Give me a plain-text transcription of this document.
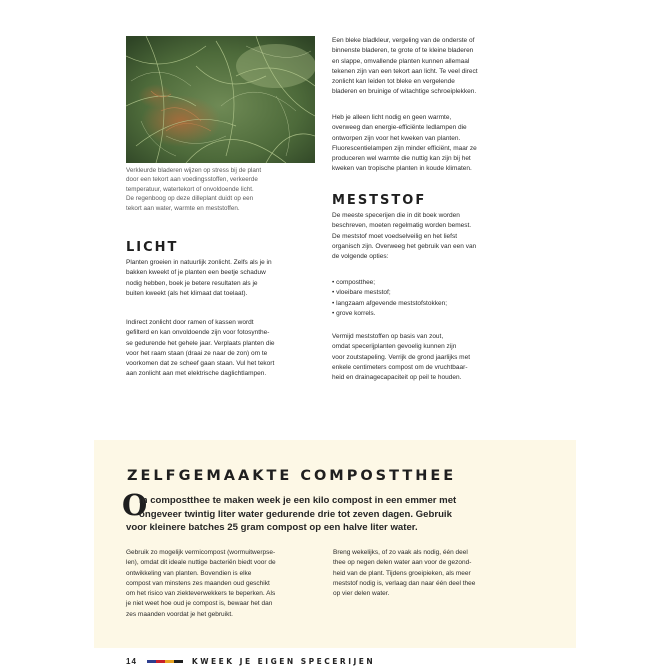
Verkleurde bladeren wijzen op stress bij de plant
door een tekort aan voedingsstoffen, verkeerde
temperatuur, watertekort of onvoldoende licht.
De regenboog op deze dilleplant duidt op een
tekort aan water, warmte en meststoffen.
LICHT
Planten groeien in natuurlijk zonlicht. Zelfs als je in
bakken kweekt of je planten een beetje schaduw
nodig hebben, boek je betere resultaten als je
buiten kweekt (als het klimaat dat toelaat).
Indirect zonlicht door ramen of kassen wordt
gefilterd en kan onvoldoende zijn voor fotosynthe-
se gedurende het gehele jaar. Verplaats planten die
voor het raam staan (draai ze naar de zon) om te
voorkomen dat ze scheef gaan staan. Vul het tekort
aan zonlicht aan met elektrische daglichtlampen.
Een bleke bladkleur, vergeling van de onderste of
binnenste bladeren, te grote of te kleine bladeren
en slappe, omvallende planten kunnen allemaal
tekenen zijn van een tekort aan licht. Te veel direct
zonlicht kan leiden tot bleke en vergelende
bladeren en bruinige of witachtige schroeiplekken.
Heb je alleen licht nodig en geen warmte,
overweeg dan energie-efficiënte ledlampen die
ontworpen zijn voor het kweken van planten.
Fluorescentielampen zijn minder efficiënt, maar ze
produceren wel warmte die nuttig kan zijn bij het
kweken van tropische planten in koude klimaten.
MESTSTOF
De meeste specerijen die in dit boek worden
beschreven, moeten regelmatig worden bemest.
De meststof moet voedselveilig en het liefst
organisch zijn. Overweeg het gebruik van een van
de volgende opties:
• compostthee;
• vloeibare meststof;
• langzaam afgevende meststofstokken;
• grove korrels.
Vermijd meststoffen op basis van zout,
omdat specerijplanten gevoelig kunnen zijn
voor zoutstapeling. Verrijk de grond jaarlijks met
enkele centimeters compost om de vruchtbaar-
heid en drainagecapaciteit op peil te houden.
ZELFGEMAAKTE COMPOSTTHEE
O
m compostthee te maken week je een kilo compost in een emmer met
ongeveer twintig liter water gedurende drie tot zeven dagen. Gebruik
voor kleinere batches 25 gram compost op een halve liter water.
Gebruik zo mogelijk vermicompost (wormuitwerpse-
len), omdat dit ideale nuttige bacteriën biedt voor de
ontwikkeling van planten. Bovendien is elke
compost van minstens zes maanden oud geschikt
om het risico van ziekteverwekkers te beperken. Als
je niet weet hoe oud je compost is, bewaar het dan
zes maanden voordat je het gebruikt.
Breng wekelijks, of zo vaak als nodig, één deel
thee op negen delen water aan voor de gezond-
heid van de plant. Tijdens groeipieken, als meer
meststof nodig is, verlaag dan naar één deel thee
op vier delen water.
14	KWEEK JE EIGEN SPECERIJEN
